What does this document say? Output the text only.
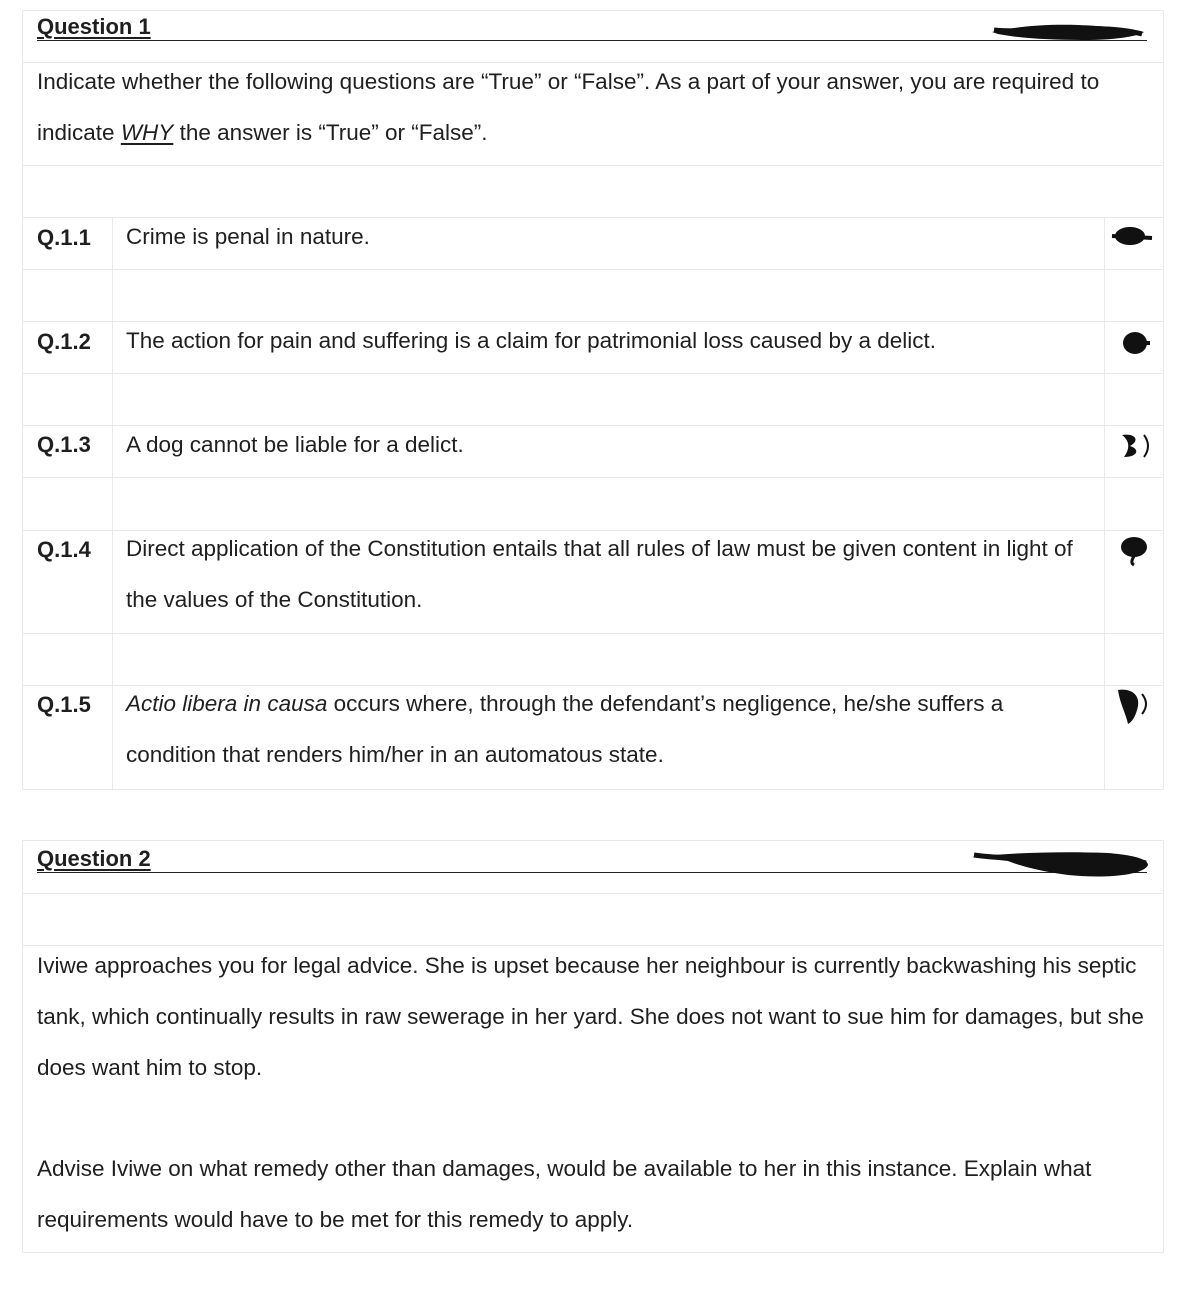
Question 1
Indicate whether the following questions are “True” or “False”. As a part of your answer, you are required to indicate WHY the answer is “True” or “False”.
Q.1.1 Crime is penal in nature.
Q.1.2 The action for pain and suffering is a claim for patrimonial loss caused by a delict.
Q.1.3 A dog cannot be liable for a delict.
Q.1.4 Direct application of the Constitution entails that all rules of law must be given content in light of the values of the Constitution.
Q.1.5 Actio libera in causa occurs where, through the defendant’s negligence, he/she suffers a condition that renders him/her in an automatous state.
Question 2
Iviwe approaches you for legal advice. She is upset because her neighbour is currently backwashing his septic tank, which continually results in raw sewerage in her yard. She does not want to sue him for damages, but she does want him to stop.
Advise Iviwe on what remedy other than damages, would be available to her in this instance. Explain what requirements would have to be met for this remedy to apply.
